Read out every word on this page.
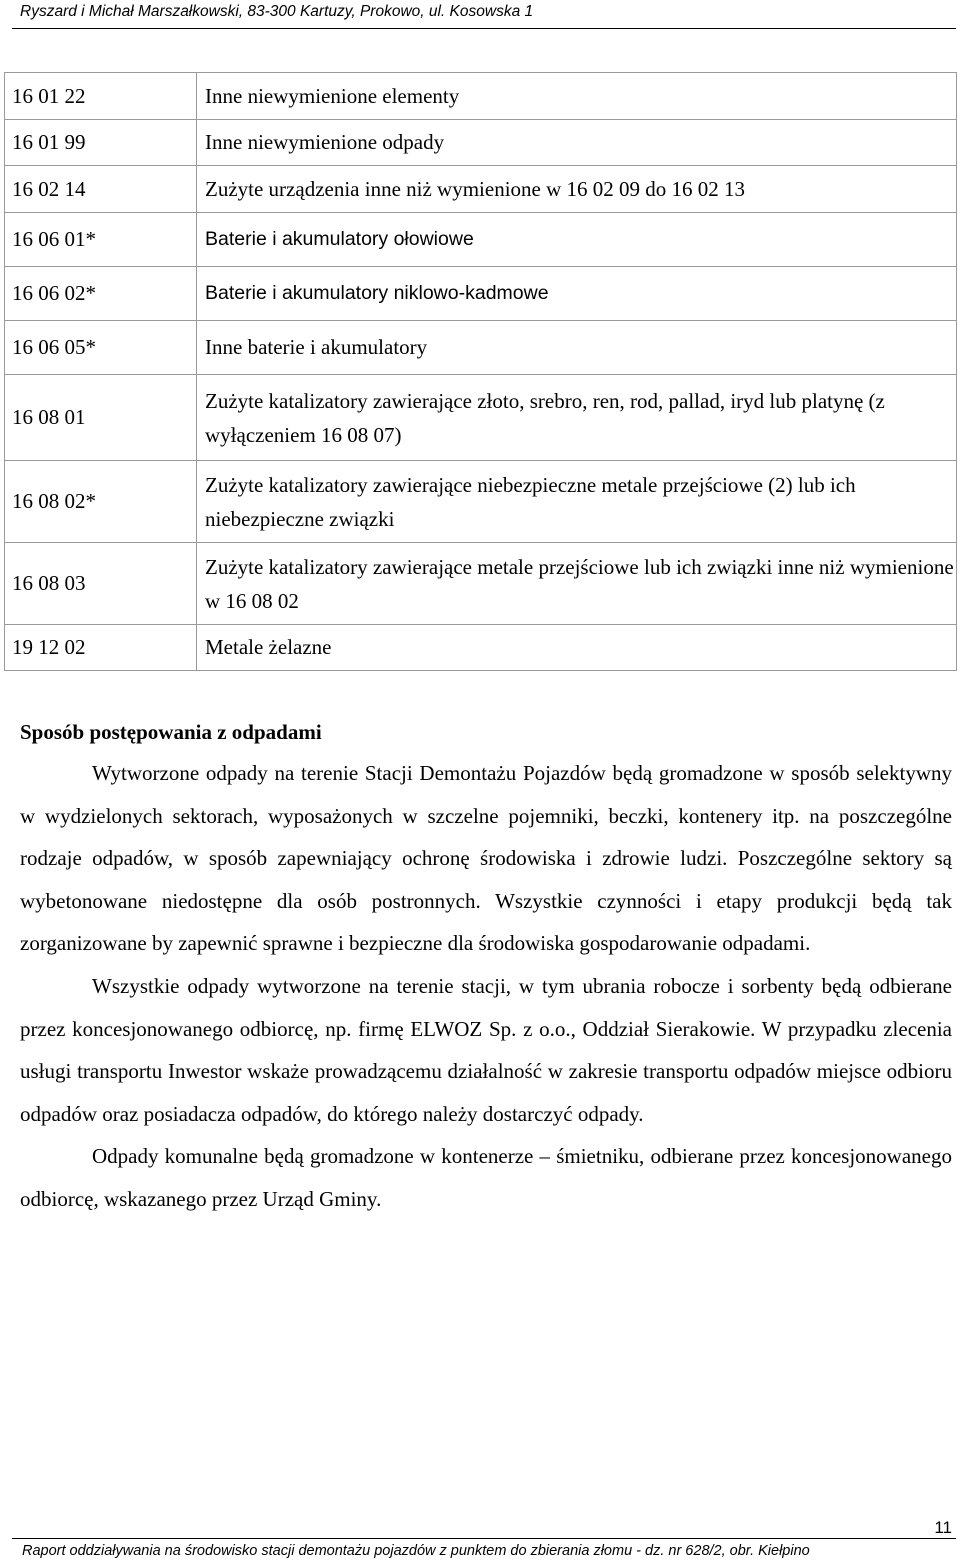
Ryszard i Michał Marszałkowski, 83-300 Kartuzy, Prokowo, ul. Kosowska 1
16 01 22	Inne niewymienione elementy
16 01 99	Inne niewymienione odpady
16 02 14	Zużyte urządzenia inne niż wymienione w 16 02 09 do 16 02 13
16 06 01*	Baterie i akumulatory ołowiowe
16 06 02*	Baterie i akumulatory niklowo-kadmowe
16 06 05*	Inne baterie i akumulatory
16 08 01	Zużyte katalizatory zawierające złoto, srebro, ren, rod, pallad, iryd lub platynę (z wyłączeniem 16 08 07)
16 08 02*	Zużyte katalizatory zawierające niebezpieczne metale przejściowe (2) lub ich niebezpieczne związki
16 08 03	Zużyte katalizatory zawierające metale przejściowe lub ich związki inne niż wymienione w 16 08 02
19 12 02	Metale żelazne

Sposób postępowania z odpadami

Wytworzone odpady na terenie Stacji Demontażu Pojazdów będą gromadzone w sposób selektywny w wydzielonych sektorach, wyposażonych w szczelne pojemniki, beczki, kontenery itp. na poszczególne rodzaje odpadów, w sposób zapewniający ochronę środowiska i zdrowie ludzi. Poszczególne sektory są wybetonowane niedostępne dla osób postronnych. Wszystkie czynności i etapy produkcji będą tak zorganizowane by zapewnić sprawne i bezpieczne dla środowiska gospodarowanie odpadami.

Wszystkie odpady wytworzone na terenie stacji, w tym ubrania robocze i sorbenty będą odbierane przez koncesjonowanego odbiorcę, np. firmę ELWOZ Sp. z o.o., Oddział Sierakowie. W przypadku zlecenia usługi transportu Inwestor wskaże prowadzącemu działalność w zakresie transportu odpadów miejsce odbioru odpadów oraz posiadacza odpadów, do którego należy dostarczyć odpady.

Odpady komunalne będą gromadzone w kontenerze – śmietniku, odbierane przez koncesjonowanego odbiorcę, wskazanego przez Urząd Gminy.

11
Raport oddziaływania na środowisko stacji demontażu pojazdów z punktem do zbierania złomu - dz. nr 628/2, obr. Kiełpino
